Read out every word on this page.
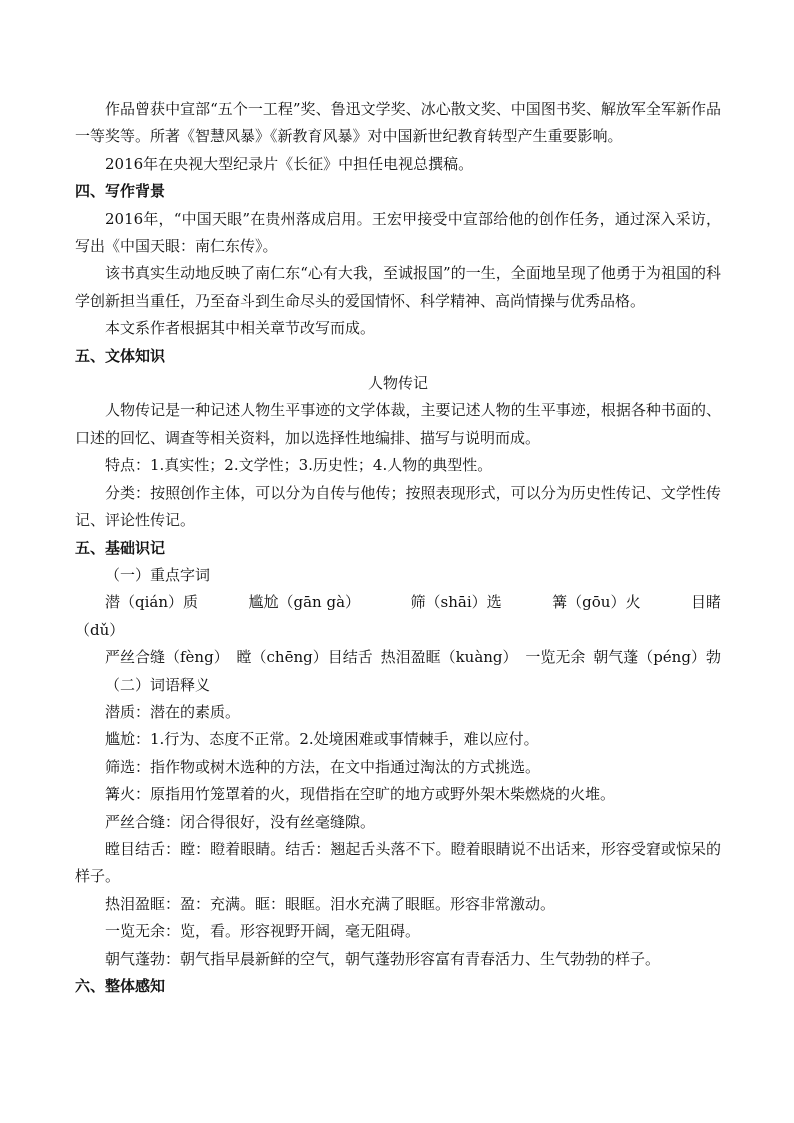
作品曾获中宣部“五个一工程”奖、鲁迅文学奖、冰心散文奖、中国图书奖、解放军全军新作品一等奖等。所著《智慧风暴》《新教育风暴》对中国新世纪教育转型产生重要影响。

2016年在央视大型纪录片《长征》中担任电视总撰稿。

四、写作背景

2016年，“中国天眼”在贵州落成启用。王宏甲接受中宣部给他的创作任务，通过深入采访，写出《中国天眼：南仁东传》。

该书真实生动地反映了南仁东“心有大我，至诚报国”的一生，全面地呈现了他勇于为祖国的科学创新担当重任，乃至奋斗到生命尽头的爱国情怀、科学精神、高尚情操与优秀品格。

本文系作者根据其中相关章节改写而成。

五、文体知识

人物传记

人物传记是一种记述人物生平事迹的文学体裁，主要记述人物的生平事迹，根据各种书面的、口述的回忆、调查等相关资料，加以选择性地编排、描写与说明而成。

特点：1.真实性；2.文学性；3.历史性；4.人物的典型性。

分类：按照创作主体，可以分为自传与他传；按照表现形式，可以分为历史性传记、文学性传记、评论性传记。

五、基础识记

（一）重点字词

潜（qián）质	尴尬（gān gà）	筛（shāi）选	篝（gōu）火	目睹

（dǔ）

严丝合缝（fèng） 瞠（chēng）目结舌 热泪盈眶（kuàng） 一览无余 朝气蓬（péng）勃

（二）词语释义

潜质：潜在的素质。

尴尬：1.行为、态度不正常。2.处境困难或事情棘手，难以应付。

筛选：指作物或树木选种的方法，在文中指通过淘汰的方式挑选。

篝火：原指用竹笼罩着的火，现借指在空旷的地方或野外架木柴燃烧的火堆。

严丝合缝：闭合得很好，没有丝毫缝隙。

瞠目结舌：瞠：瞪着眼睛。结舌：翘起舌头落不下。瞪着眼睛说不出话来，形容受窘或惊呆的样子。

热泪盈眶：盈：充满。眶：眼眶。泪水充满了眼眶。形容非常激动。

一览无余：览，看。形容视野开阔，毫无阻碍。

朝气蓬勃：朝气指早晨新鲜的空气，朝气蓬勃形容富有青春活力、生气勃勃的样子。

六、整体感知
